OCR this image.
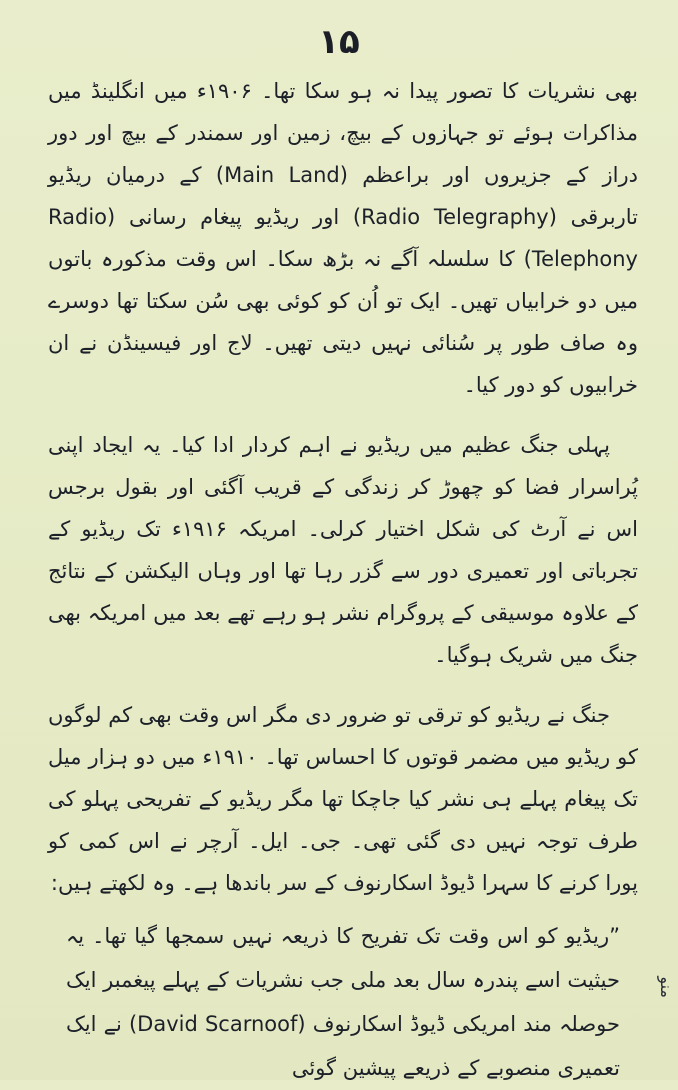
۱۵

بھی نشریات کا تصور پیدا نہ ہو سکا تھا۔ ۱۹۰۶ء میں انگلینڈ میں مذاکرات ہوئے تو جہازوں کے بیچ، زمین اور سمندر کے بیچ اور دور دراز کے جزیروں اور براعظم (Main Land) کے درمیان ریڈیو تاربرقی (Radio Telegraphy) اور ریڈیو پیغام رسانی (Radio Telephony) کا سلسلہ آگے نہ بڑھ سکا۔ اس وقت مذکورہ باتوں میں دو خرابیاں تھیں۔ ایک تو اُن کو کوئی بھی سُن سکتا تھا دوسرے وہ صاف طور پر سُنائی نہیں دیتی تھیں۔ لاج اور فیسینڈن نے ان خرابیوں کو دور کیا۔

پہلی جنگ عظیم میں ریڈیو نے اہم کردار ادا کیا۔ یہ ایجاد اپنی پُراسرار فضا کو چھوڑ کر زندگی کے قریب آگئی اور بقول برجس اس نے آرٹ کی شکل اختیار کرلی۔ امریکہ ۱۹۱۶ء تک ریڈیو کے تجرباتی اور تعمیری دور سے گزر رہا تھا اور وہاں الیکشن کے نتائج کے علاوہ موسیقی کے پروگرام نشر ہو رہے تھے بعد میں امریکہ بھی جنگ میں شریک ہوگیا۔

جنگ نے ریڈیو کو ترقی تو ضرور دی مگر اس وقت بھی کم لوگوں کو ریڈیو میں مضمر قوتوں کا احساس تھا۔ ۱۹۱۰ء میں دو ہزار میل تک پیغام پہلے ہی نشر کیا جاچکا تھا مگر ریڈیو کے تفریحی پہلو کی طرف توجہ نہیں دی گئی تھی۔ جی۔ ایل۔ آرچر نے اس کمی کو پورا کرنے کا سہرا ڈیوڈ اسکارنوف کے سر باندھا ہے۔ وہ لکھتے ہیں:

”ریڈیو کو اس وقت تک تفریح کا ذریعہ نہیں سمجھا گیا تھا۔ یہ حیثیت اسے پندرہ سال بعد ملی جب نشریات کے پہلے پیغمبر ایک حوصلہ مند امریکی ڈیوڈ اسکارنوف (David Scarnoof) نے ایک تعمیری منصوبے کے ذریعے پیشین گوئی

منو
